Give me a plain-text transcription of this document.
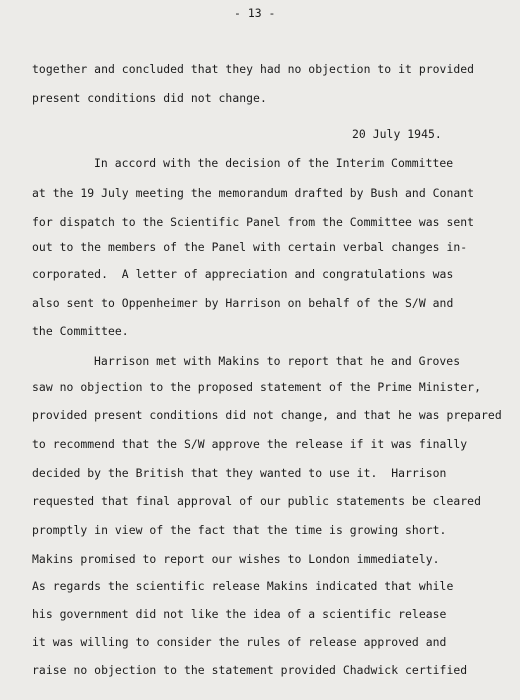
- 13 -
together and concluded that they had no objection to it provided
present conditions did not change.
20 July 1945.
In accord with the decision of the Interim Committee
at the 19 July meeting the memorandum drafted by Bush and Conant
for dispatch to the Scientific Panel from the Committee was sent
out to the members of the Panel with certain verbal changes in-
corporated.  A letter of appreciation and congratulations was
also sent to Oppenheimer by Harrison on behalf of the S/W and
the Committee.
Harrison met with Makins to report that he and Groves
saw no objection to the proposed statement of the Prime Minister,
provided present conditions did not change, and that he was prepared
to recommend that the S/W approve the release if it was finally
decided by the British that they wanted to use it.  Harrison
requested that final approval of our public statements be cleared
promptly in view of the fact that the time is growing short.
Makins promised to report our wishes to London immediately.
As regards the scientific release Makins indicated that while
his government did not like the idea of a scientific release
it was willing to consider the rules of release approved and
raise no objection to the statement provided Chadwick certified
